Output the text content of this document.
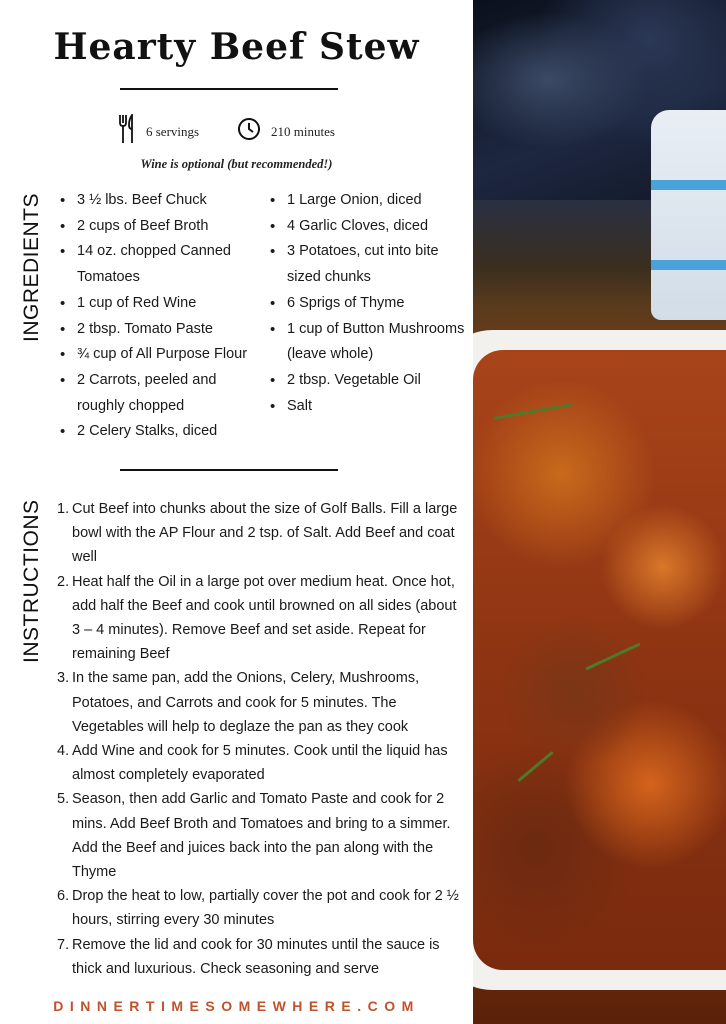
Hearty Beef Stew
6 servings	210 minutes
Wine is optional (but recommended!)
INGREDIENTS
•	3 ½ lbs. Beef Chuck
• 2 cups of Beef Broth
• 14 oz. chopped Canned Tomatoes
• 1 cup of Red Wine
• 2 tbsp. Tomato Paste
• ¾ cup of All Purpose Flour
• 2 Carrots, peeled and roughly chopped
• 2 Celery Stalks, diced
• 1 Large Onion, diced
• 4 Garlic Cloves, diced
• 3 Potatoes, cut into bite sized chunks
• 6 Sprigs of Thyme
• 1 cup of Button Mushrooms (leave whole)
• 2 tbsp. Vegetable Oil
• Salt
INSTRUCTIONS 1. Cut Beef into chunks about the size of Golf Balls. Fill a large bowl with the AP Flour and 2 tsp. of Salt. Add Beef and coat well
2. Heat half the Oil in a large pot over medium heat. Once hot, add half the Beef and cook until browned on all sides (about 3 – 4 minutes). Remove Beef and set aside. Repeat for remaining Beef
3. In the same pan, add the Onions, Celery, Mushrooms, Potatoes, and Carrots and cook for 5 minutes. The Vegetables will help to deglaze the pan as they cook
4. Add Wine and cook for 5 minutes. Cook until the liquid has almost completely evaporated
5. Season, then add Garlic and Tomato Paste and cook for 2 mins. Add Beef Broth and Tomatoes and bring to a simmer. Add the Beef and juices back into the pan along with the Thyme
6. Drop the heat to low, partially cover the pot and cook for 2 ½ hours, stirring every 30 minutes
7. Remove the lid and cook for 30 minutes until the sauce is thick and luxurious. Check seasoning and serve
DINNERTIMESOMEWHERE.COM
